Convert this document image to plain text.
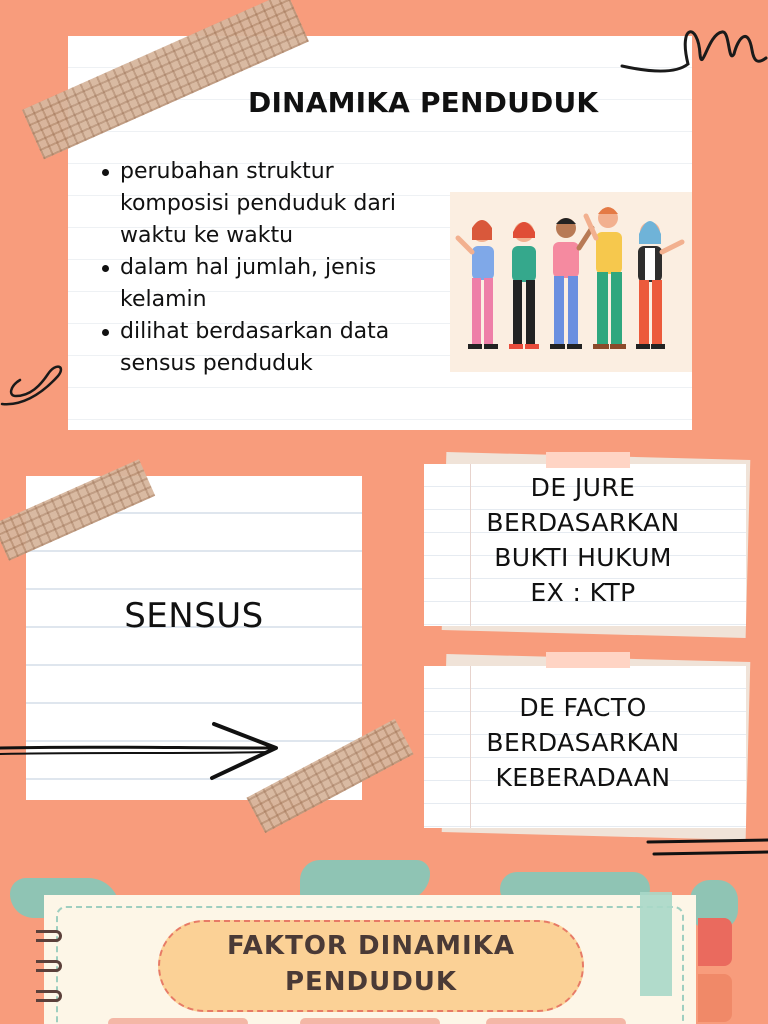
DINAMIKA PENDUDUK
perubahan struktur komposisi penduduk dari waktu ke waktu
dalam hal jumlah, jenis kelamin
dilihat berdasarkan data sensus penduduk
SENSUS
DE JURE
BERDASARKAN
BUKTI HUKUM
EX : KTP
DE FACTO
BERDASARKAN
KEBERADAAN
FAKTOR DINAMIKA
PENDUDUK
